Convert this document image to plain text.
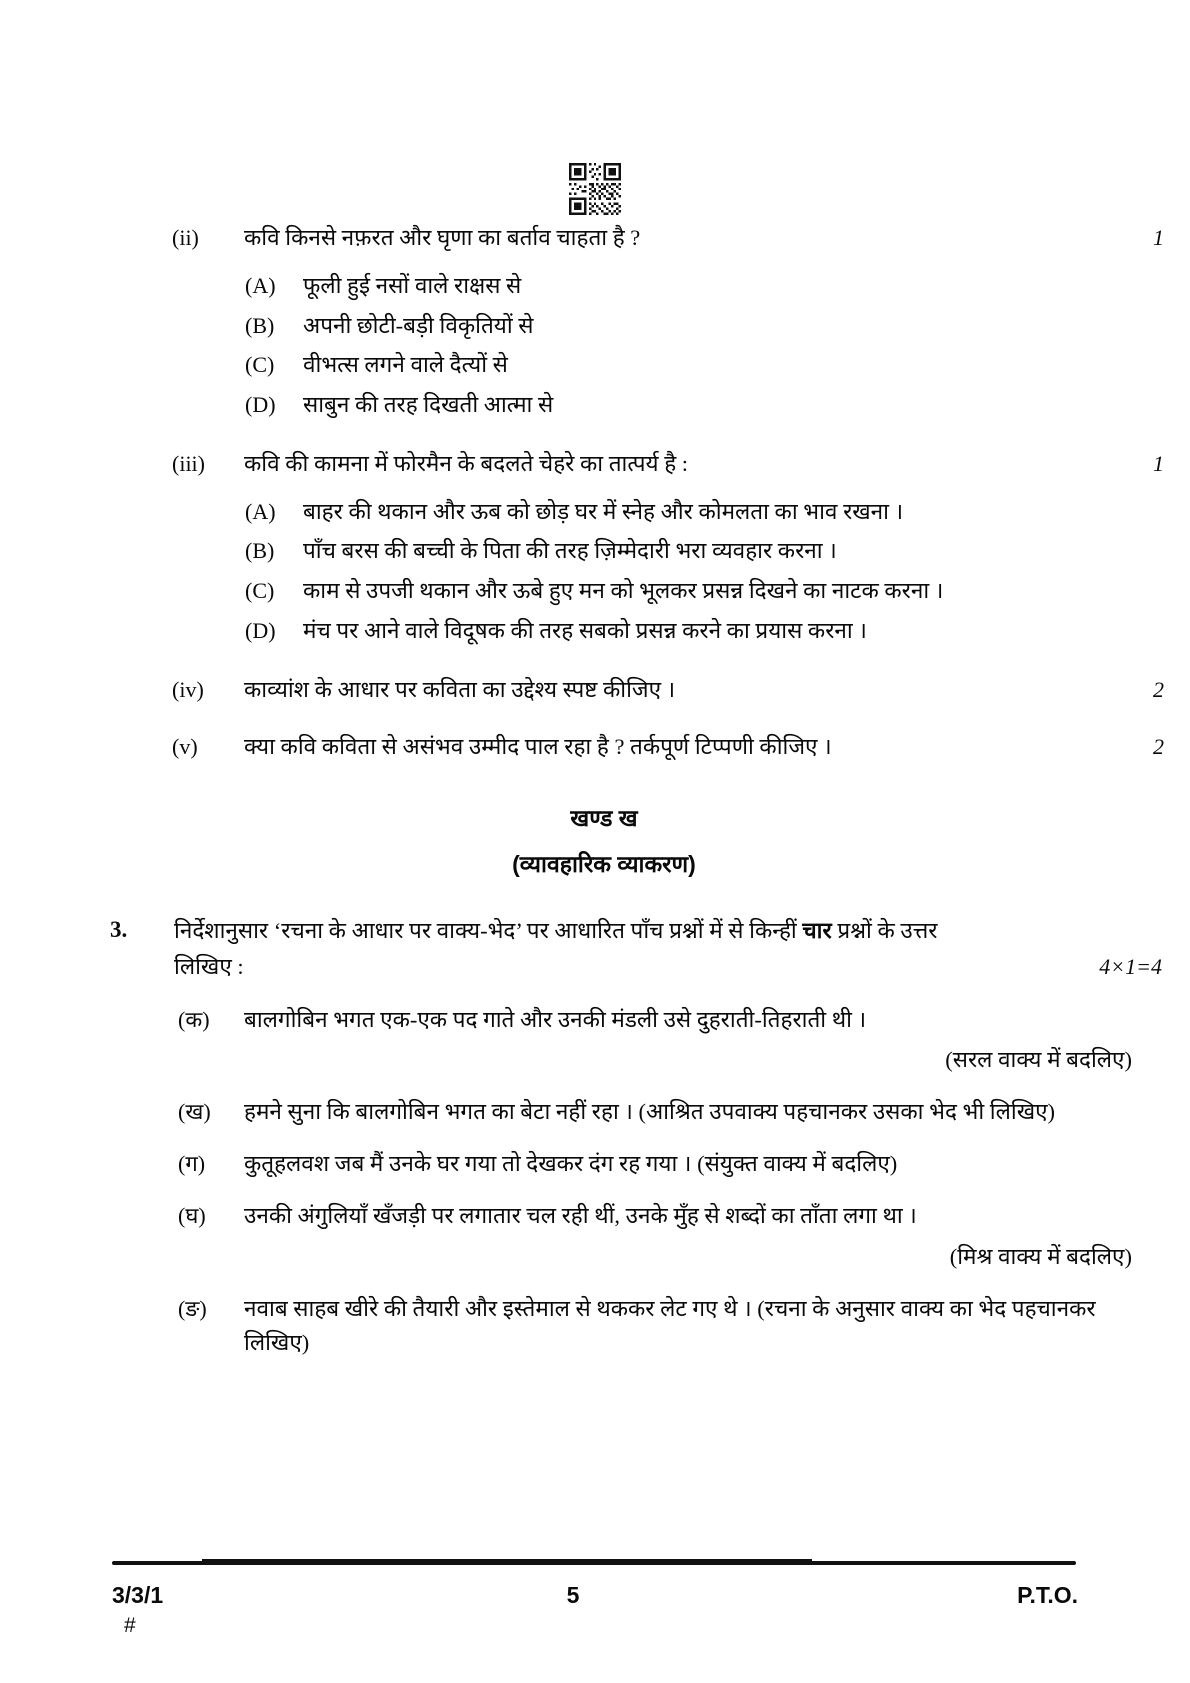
(ii)	कवि किनसे नफ़रत और घृणा का बर्ताव चाहता है ?	1
(A)	फूली हुई नसों वाले राक्षस से
(B)	अपनी छोटी-बड़ी विकृतियों से
(C)	वीभत्स लगने वाले दैत्यों से
(D)	साबुन की तरह दिखती आत्मा से
(iii)	कवि की कामना में फोरमैन के बदलते चेहरे का तात्पर्य है :	1
(A)	बाहर की थकान और ऊब को छोड़ घर में स्नेह और कोमलता का भाव रखना ।
(B)	पाँच बरस की बच्ची के पिता की तरह ज़िम्मेदारी भरा व्यवहार करना ।
(C)	काम से उपजी थकान और ऊबे हुए मन को भूलकर प्रसन्न दिखने का नाटक करना ।
(D)	मंच पर आने वाले विदूषक की तरह सबको प्रसन्न करने का प्रयास करना ।
(iv)	काव्यांश के आधार पर कविता का उद्देश्य स्पष्ट कीजिए ।	2
(v)	क्या कवि कविता से असंभव उम्मीद पाल रहा है ? तर्कपूर्ण टिप्पणी कीजिए ।	2
खण्ड ख
(व्यावहारिक व्याकरण)
3.	निर्देशानुसार ‘रचना के आधार पर वाक्य-भेद’ पर आधारित पाँच प्रश्नों में से किन्हीं चार प्रश्नों के उत्तर
लिखिए :	4×1=4
(क)	बालगोबिन भगत एक-एक पद गाते और उनकी मंडली उसे दुहराती-तिहराती थी ।
(सरल वाक्य में बदलिए)
(ख)	हमने सुना कि बालगोबिन भगत का बेटा नहीं रहा । (आश्रित उपवाक्य पहचानकर उसका भेद भी लिखिए)
(ग)	कुतूहलवश जब मैं उनके घर गया तो देखकर दंग रह गया । (संयुक्त वाक्य में बदलिए)
(घ)	उनकी अंगुलियाँ खँजड़ी पर लगातार चल रही थीं, उनके मुँह से शब्दों का ताँता लगा था ।
(मिश्र वाक्य में बदलिए)
(ङ)	नवाब साहब खीरे की तैयारी और इस्तेमाल से थककर लेट गए थे । (रचना के अनुसार वाक्य का भेद पहचानकर लिखिए)
3/3/1	5	P.T.O.
#
